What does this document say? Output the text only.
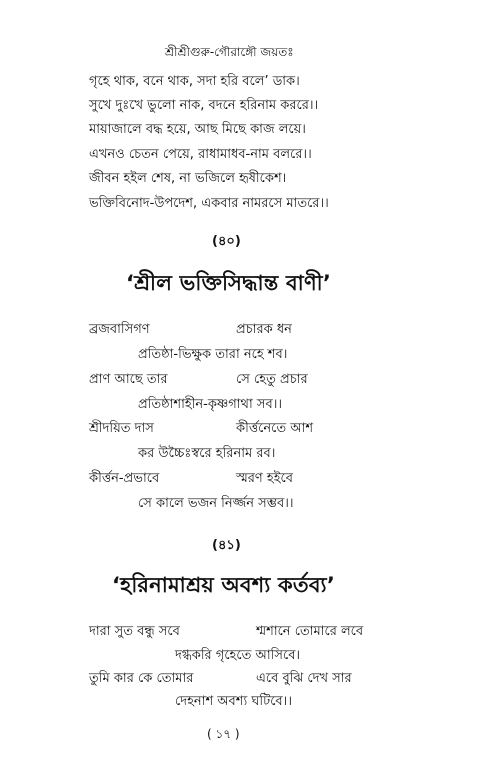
শ্রীশ্রীগুরু-গৌরাঙ্গৌ জয়তঃ
গৃহে থাক, বনে থাক, সদা হরি বলে’ ডাক।
সুখে দুঃখে ভুলো নাক, বদনে হরিনাম কররে।।
মায়াজালে বদ্ধ হয়ে, আছ মিছে কাজ লয়ে।
এখনও চেতন পেয়ে, রাধামাধব-নাম বলরে।।
জীবন হইল শেষ, না ভজিলে হৃষীকেশ।
ভক্তিবিনোদ-উপদেশ, একবার নামরসে মাতরে।।
(৪০)
‘শ্রীল ভক্তিসিদ্ধান্ত বাণী’
ব্রজবাসিগণ	প্রচারক ধন
প্রতিষ্ঠা-ভিক্ষুক তারা নহে শব।
প্রাণ আছে তার	সে হেতু প্রচার
প্রতিষ্ঠাশাহীন-কৃষ্ণগাথা সব।।
শ্রীদয়িত দাস	কীর্ত্তনেতে আশ
কর উচ্চৈঃস্বরে হরিনাম রব।
কীর্ত্তন-প্রভাবে	স্মরণ হইবে
সে কালে ভজন নির্জ্জন সম্ভব।।
(৪১)
‘হরিনামাশ্রয় অবশ্য কর্তব্য’
দারা সুত বন্ধু সবে	শ্মশানে তোমারে লবে
দগ্ধকরি গৃহেতে আসিবে।
তুমি কার কে তোমার	এবে বুঝি দেখ সার
দেহনাশ অবশ্য ঘটিবে।।
( ১৭ )
